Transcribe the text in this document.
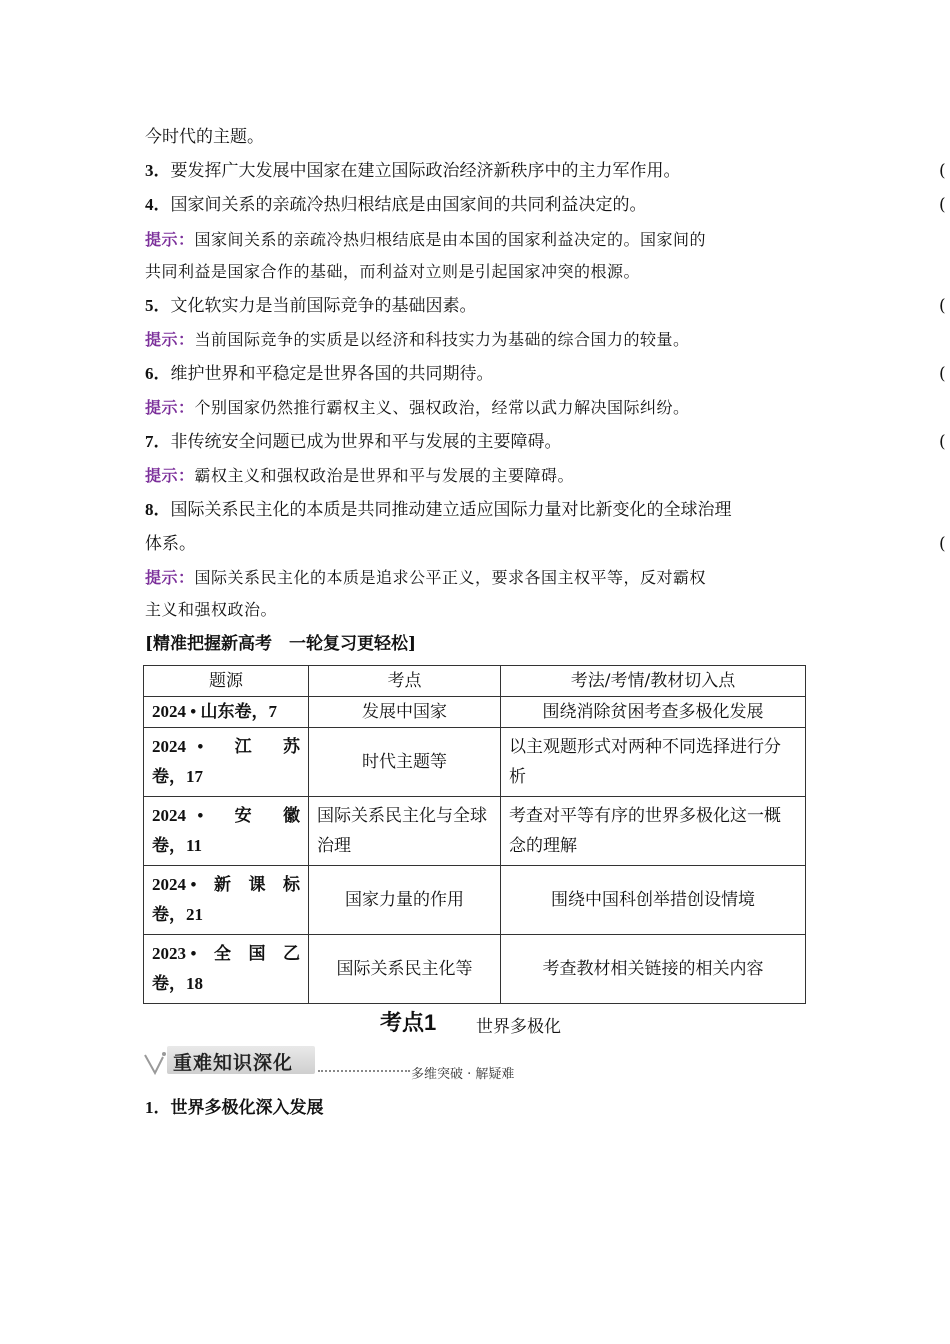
今时代的主题。
3．要发挥广大发展中国家在建立国际政治经济新秩序中的主力军作用。	(
4．国家间关系的亲疏冷热归根结底是由国家间的共同利益决定的。	(
提示：国家间关系的亲疏冷热归根结底是由本国的国家利益决定的。国家间的
共同利益是国家合作的基础，而利益对立则是引起国家冲突的根源。
5．文化软实力是当前国际竞争的基础因素。	(
提示：当前国际竞争的实质是以经济和科技实力为基础的综合国力的较量。
6．维护世界和平稳定是世界各国的共同期待。	(
提示：个别国家仍然推行霸权主义、强权政治，经常以武力解决国际纠纷。
7．非传统安全问题已成为世界和平与发展的主要障碍。	(
提示：霸权主义和强权政治是世界和平与发展的主要障碍。
8．国际关系民主化的本质是共同推动建立适应国际力量对比新变化的全球治理
体系。	(
提示：国际关系民主化的本质是追求公平正义，要求各国主权平等，反对霸权
主义和强权政治。
[精准把握新高考　一轮复习更轻松]
题源	考点	考法/考情/教材切入点
2024 • 山东卷，7	发展中国家	围绕消除贫困考查多极化发展

2024 •　江　苏
卷，17	时代主题等	以主观题形式对两种不同选择进行分析

2024 •　安　徽
卷，11	国际关系民主化与全球治理	考查对平等有序的世界多极化这一概念的理解

2024 •　新　课　标
卷，21	国家力量的作用	围绕中国科创举措创设情境

2023 •　全　国　乙
卷，18	国际关系民主化等	考查教材相关链接的相关内容
考点1 世界多极化
重难知识深化
多维突破 · 解疑难
1．世界多极化深入发展
